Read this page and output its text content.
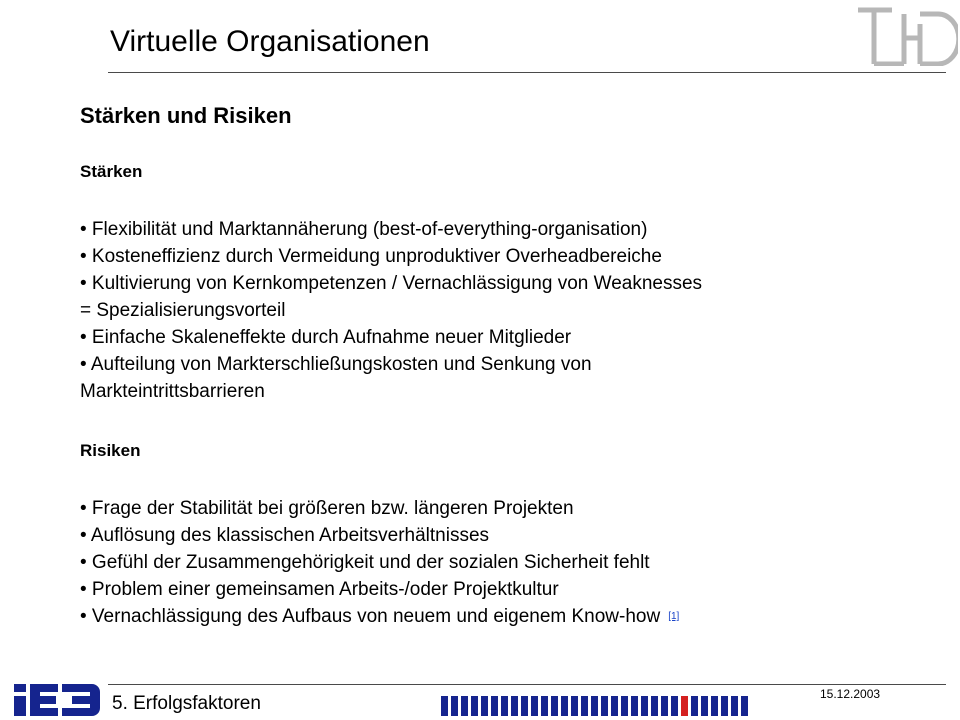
Virtuelle Organisationen
Stärken und Risiken
Stärken
• Flexibilität und Marktannäherung (best-of-everything-organisation)
• Kosteneffizienz durch Vermeidung unproduktiver Overheadbereiche
• Kultivierung von Kernkompetenzen / Vernachlässigung von Weaknesses
= Spezialisierungsvorteil
• Einfache Skaleneffekte durch Aufnahme neuer Mitglieder
• Aufteilung von Markterschließungskosten und Senkung von
Markteintrittsbarrieren
Risiken
• Frage der Stabilität bei größeren bzw. längeren Projekten
• Auflösung des klassischen Arbeitsverhältnisses
• Gefühl der Zusammengehörigkeit und der sozialen Sicherheit fehlt
• Problem einer gemeinsamen Arbeits-/oder Projektkultur
• Vernachlässigung des Aufbaus von neuem und eigenem Know-how [1]
5. Erfolgsfaktoren	15.12.2003
